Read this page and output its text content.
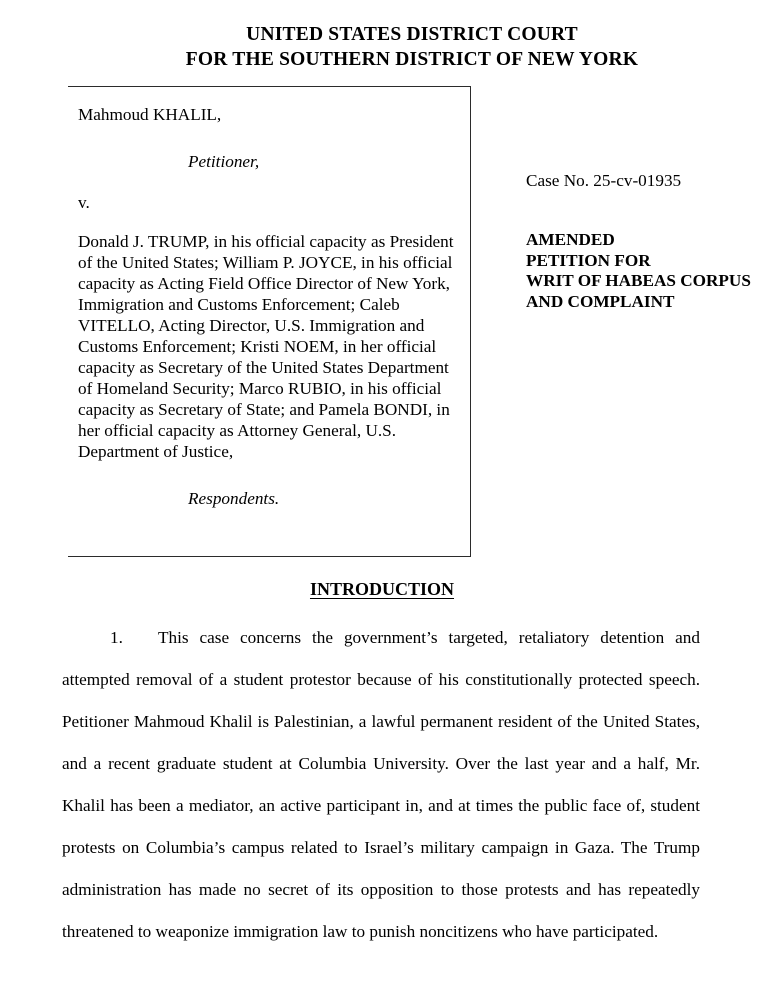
UNITED STATES DISTRICT COURT
FOR THE SOUTHERN DISTRICT OF NEW YORK

Mahmoud KHALIL,

Petitioner,

v.

Donald J. TRUMP, in his official capacity as President of the United States; William P. JOYCE, in his official capacity as Acting Field Office Director of New York, Immigration and Customs Enforcement; Caleb VITELLO, Acting Director, U.S. Immigration and Customs Enforcement; Kristi NOEM, in her official capacity as Secretary of the United States Department of Homeland Security; Marco RUBIO, in his official capacity as Secretary of State; and Pamela BONDI, in her official capacity as Attorney General, U.S. Department of Justice,

Respondents.

Case No. 25-cv-01935
AMENDED
PETITION FOR
WRIT OF HABEAS CORPUS
AND COMPLAINT
INTRODUCTION

1. This case concerns the government’s targeted, retaliatory detention and attempted removal of a student protestor because of his constitutionally protected speech. Petitioner Mahmoud Khalil is Palestinian, a lawful permanent resident of the United States, and a recent graduate student at Columbia University. Over the last year and a half, Mr. Khalil has been a mediator, an active participant in, and at times the public face of, student protests on Columbia’s campus related to Israel’s military campaign in Gaza. The Trump administration has made no secret of its opposition to those protests and has repeatedly threatened to weaponize immigration law to punish noncitizens who have participated.
